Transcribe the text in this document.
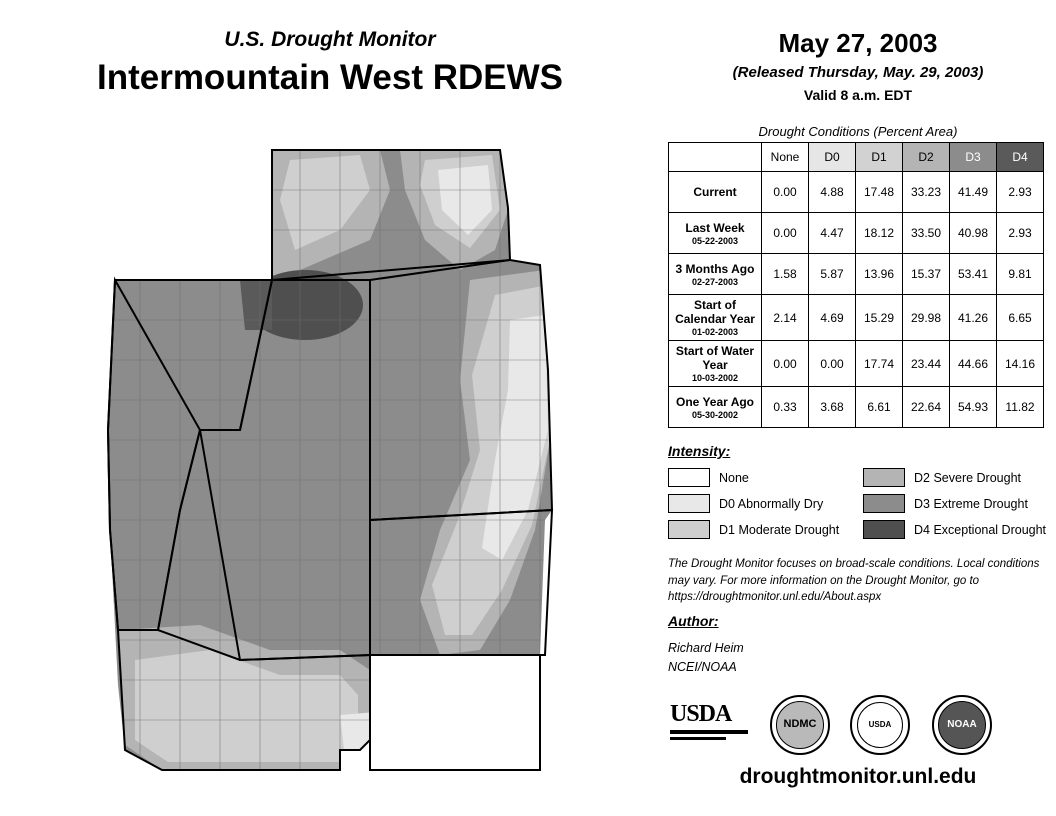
U.S. Drought Monitor
Intermountain West RDEWS
May 27, 2003
(Released Thursday, May. 29, 2003)
Valid 8 a.m. EDT
Drought Conditions (Percent Area)
	None	D0	D1	D2	D3	D4
Current	0.00	4.88	17.48	33.23	41.49	2.93
Last Week
05-22-2003	0.00	4.47	18.12	33.50	40.98	2.93
3 Months Ago
02-27-2003	1.58	5.87	13.96	15.37	53.41	9.81
Start of Calendar Year
01-02-2003	2.14	4.69	15.29	29.98	41.26	6.65
Start of Water Year
10-03-2002	0.00	0.00	17.74	23.44	44.66	14.16
One Year Ago
05-30-2002	0.33	3.68	6.61	22.64	54.93	11.82
Intensity:
None
D0 Abnormally Dry
D1 Moderate Drought
D2 Severe Drought
D3 Extreme Drought
D4 Exceptional Drought
The Drought Monitor focuses on broad-scale conditions. Local conditions may vary. For more information on the Drought Monitor, go to https://droughtmonitor.unl.edu/About.aspx
Author:
Richard Heim
NCEI/NOAA
USDA	NDMC	USDA	NOAA
droughtmonitor.unl.edu
